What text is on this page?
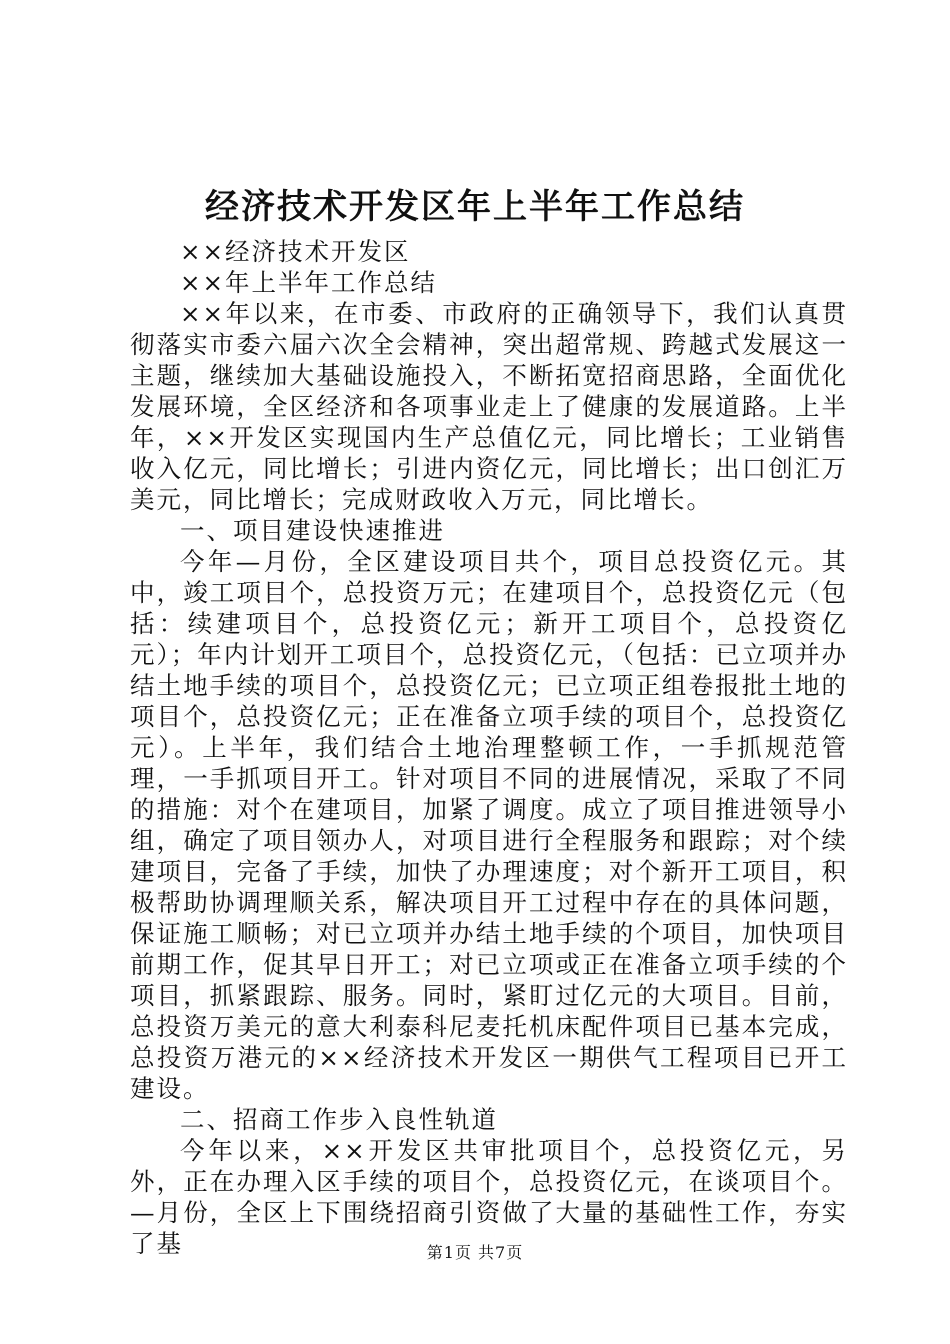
经济技术开发区年上半年工作总结

××经济技术开发区

××年上半年工作总结

××年以来，在市委、市政府的正确领导下，我们认真贯彻落实市委六届六次全会精神，突出超常规、跨越式发展这一主题，继续加大基础设施投入，不断拓宽招商思路，全面优化发展环境，全区经济和各项事业走上了健康的发展道路。上半年，××开发区实现国内生产总值亿元，同比增长；工业销售收入亿元，同比增长；引进内资亿元，同比增长；出口创汇万美元，同比增长；完成财政收入万元，同比增长。

一、项目建设快速推进

今年—月份，全区建设项目共个，项目总投资亿元。其中，竣工项目个，总投资万元；在建项目个，总投资亿元（包括：续建项目个，总投资亿元；新开工项目个，总投资亿元）；年内计划开工项目个，总投资亿元，（包括：已立项并办结土地手续的项目个，总投资亿元；已立项正组卷报批土地的项目个，总投资亿元；正在准备立项手续的项目个，总投资亿元）。上半年，我们结合土地治理整顿工作，一手抓规范管理，一手抓项目开工。针对项目不同的进展情况，采取了不同的措施：对个在建项目，加紧了调度。成立了项目推进领导小组，确定了项目领办人，对项目进行全程服务和跟踪；对个续建项目，完备了手续，加快了办理速度；对个新开工项目，积极帮助协调理顺关系，解决项目开工过程中存在的具体问题，保证施工顺畅；对已立项并办结土地手续的个项目，加快项目前期工作，促其早日开工；对已立项或正在准备立项手续的个项目，抓紧跟踪、服务。同时，紧盯过亿元的大项目。目前，总投资万美元的意大利泰科尼麦托机床配件项目已基本完成，总投资万港元的××经济技术开发区一期供气工程项目已开工建设。

二、招商工作步入良性轨道

今年以来，××开发区共审批项目个，总投资亿元，另外，正在办理入区手续的项目个，总投资亿元，在谈项目个。—月份，全区上下围绕招商引资做了大量的基础性工作，夯实了基	第1页 共7页
